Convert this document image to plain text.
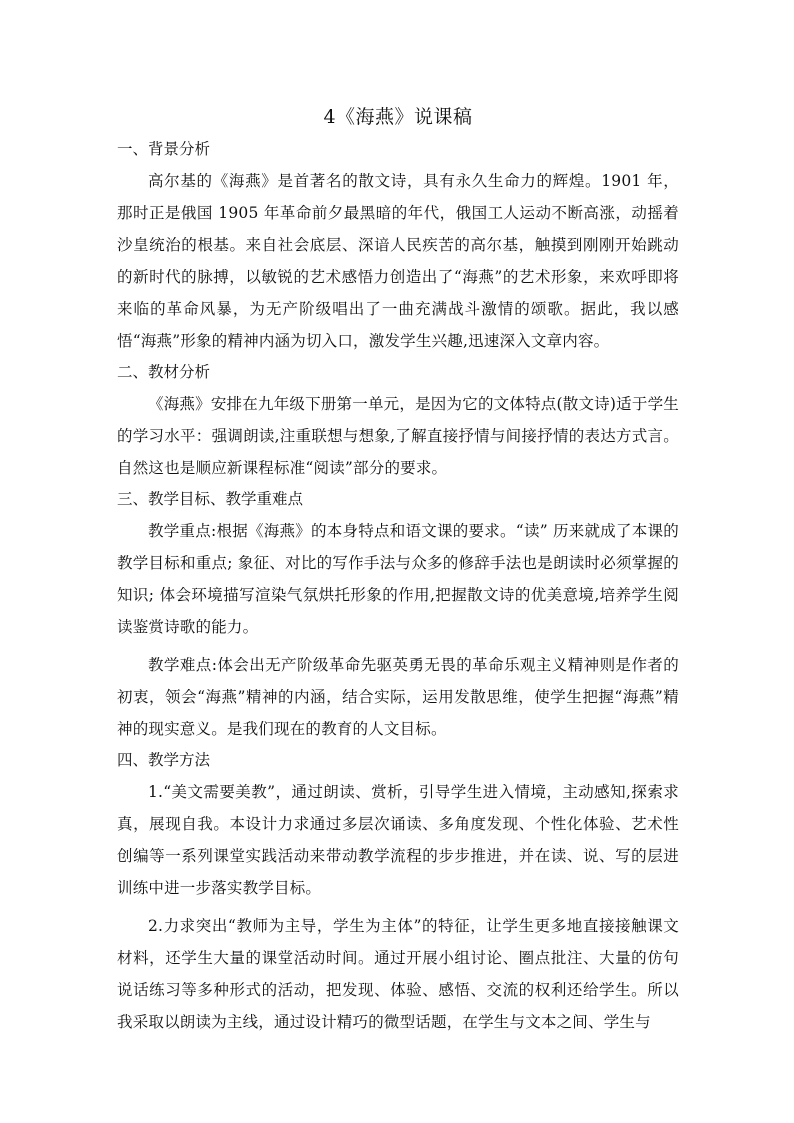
4《海燕》说课稿
一、背景分析

高尔基的《海燕》是首著名的散文诗，具有永久生命力的辉煌。1901 年，那时正是俄国 1905 年革命前夕最黑暗的年代，俄国工人运动不断高涨，动摇着沙皇统治的根基。来自社会底层、深谙人民疾苦的高尔基，触摸到刚刚开始跳动的新时代的脉搏，以敏锐的艺术感悟力创造出了“海燕”的艺术形象，来欢呼即将来临的革命风暴，为无产阶级唱出了一曲充满战斗激情的颂歌。据此，我以感悟“海燕”形象的精神内涵为切入口，激发学生兴趣,迅速深入文章内容。

二、教材分析

《海燕》安排在九年级下册第一单元，是因为它的文体特点(散文诗)适于学生的学习水平：强调朗读,注重联想与想象,了解直接抒情与间接抒情的表达方式言。自然这也是顺应新课程标准“阅读”部分的要求。

三、教学目标、教学重难点

教学重点:根据《海燕》的本身特点和语文课的要求。“读” 历来就成了本课的教学目标和重点; 象征、对比的写作手法与众多的修辞手法也是朗读时必须掌握的知识; 体会环境描写渲染气氛烘托形象的作用,把握散文诗的优美意境,培养学生阅读鉴赏诗歌的能力。

教学难点:体会出无产阶级革命先驱英勇无畏的革命乐观主义精神则是作者的初衷，领会“海燕”精神的内涵，结合实际，运用发散思维，使学生把握“海燕”精神的现实意义。是我们现在的教育的人文目标。

四、教学方法

1.“美文需要美教”，通过朗读、赏析，引导学生进入情境，主动感知,探索求真，展现自我。本设计力求通过多层次诵读、多角度发现、个性化体验、艺术性创编等一系列课堂实践活动来带动教学流程的步步推进，并在读、说、写的层进训练中进一步落实教学目标。

2.力求突出“教师为主导，学生为主体”的特征，让学生更多地直接接触课文材料，还学生大量的课堂活动时间。通过开展小组讨论、圈点批注、大量的仿句说话练习等多种形式的活动，把发现、体验、感悟、交流的权利还给学生。所以我采取以朗读为主线，通过设计精巧的微型话题，在学生与文本之间、学生与
